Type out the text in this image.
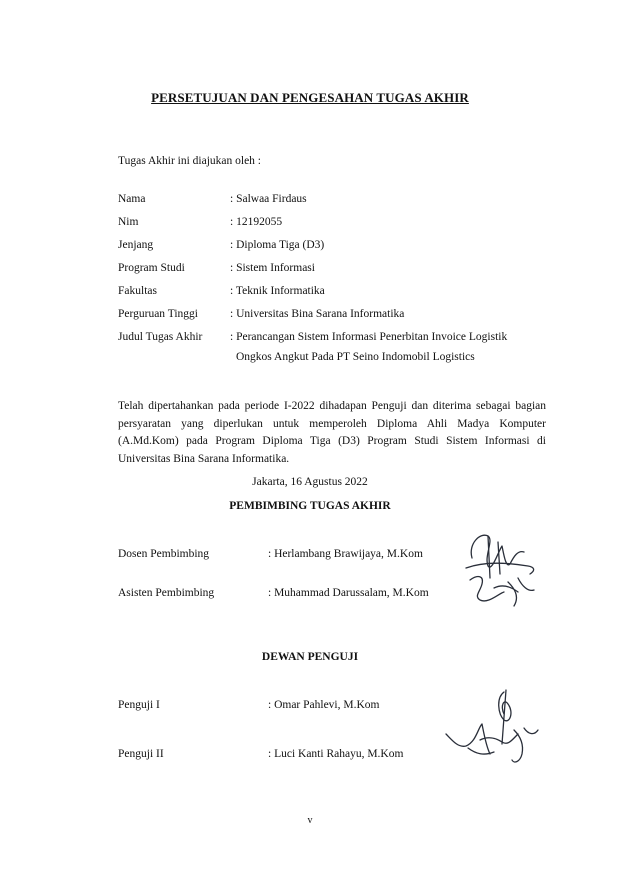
PERSETUJUAN DAN PENGESAHAN TUGAS AKHIR
Tugas Akhir ini diajukan oleh :
Nama	: Salwaa Firdaus
Nim	: 12192055
Jenjang	: Diploma Tiga (D3)
Program Studi	: Sistem Informasi
Fakultas	: Teknik Informatika
Perguruan Tinggi	: Universitas Bina Sarana Informatika
Judul Tugas Akhir : Perancangan Sistem Informasi Penerbitan Invoice Logistik
Ongkos Angkut Pada PT Seino Indomobil Logistics
Telah dipertahankan pada periode I-2022 dihadapan Penguji dan diterima sebagai bagian persyaratan yang diperlukan untuk memperoleh Diploma Ahli Madya Komputer (A.Md.Kom) pada Program Diploma Tiga (D3) Program Studi Sistem Informasi di Universitas Bina Sarana Informatika.
Jakarta, 16 Agustus 2022
PEMBIMBING TUGAS AKHIR
Dosen Pembimbing	: Herlambang Brawijaya, M.Kom
Asisten Pembimbing	: Muhammad Darussalam, M.Kom
DEWAN PENGUJI
Penguji I	: Omar Pahlevi, M.Kom
Penguji II	: Luci Kanti Rahayu, M.Kom
v
